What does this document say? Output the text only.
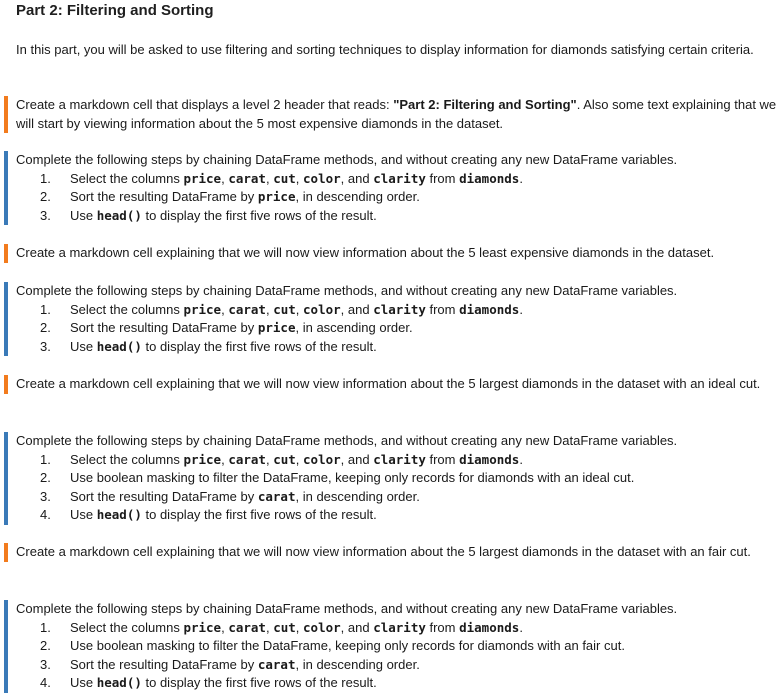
Part 2: Filtering and Sorting
In this part, you will be asked to use filtering and sorting techniques to display information for diamonds satisfying certain criteria.
Create a markdown cell that displays a level 2 header that reads: "Part 2: Filtering and Sorting". Also some text explaining that we will start by viewing information about the 5 most expensive diamonds in the dataset.
Complete the following steps by chaining DataFrame methods, and without creating any new DataFrame variables.
1. Select the columns price, carat, cut, color, and clarity from diamonds.
2. Sort the resulting DataFrame by price, in descending order.
3. Use head() to display the first five rows of the result.
Create a markdown cell explaining that we will now view information about the 5 least expensive diamonds in the dataset.
Complete the following steps by chaining DataFrame methods, and without creating any new DataFrame variables.
1. Select the columns price, carat, cut, color, and clarity from diamonds.
2. Sort the resulting DataFrame by price, in ascending order.
3. Use head() to display the first five rows of the result.
Create a markdown cell explaining that we will now view information about the 5 largest diamonds in the dataset with an ideal cut.
Complete the following steps by chaining DataFrame methods, and without creating any new DataFrame variables.
1. Select the columns price, carat, cut, color, and clarity from diamonds.
2. Use boolean masking to filter the DataFrame, keeping only records for diamonds with an ideal cut.
3. Sort the resulting DataFrame by carat, in descending order.
4. Use head() to display the first five rows of the result.
Create a markdown cell explaining that we will now view information about the 5 largest diamonds in the dataset with an fair cut.
Complete the following steps by chaining DataFrame methods, and without creating any new DataFrame variables.
1. Select the columns price, carat, cut, color, and clarity from diamonds.
2. Use boolean masking to filter the DataFrame, keeping only records for diamonds with an fair cut.
3. Sort the resulting DataFrame by carat, in descending order.
4. Use head() to display the first five rows of the result.
